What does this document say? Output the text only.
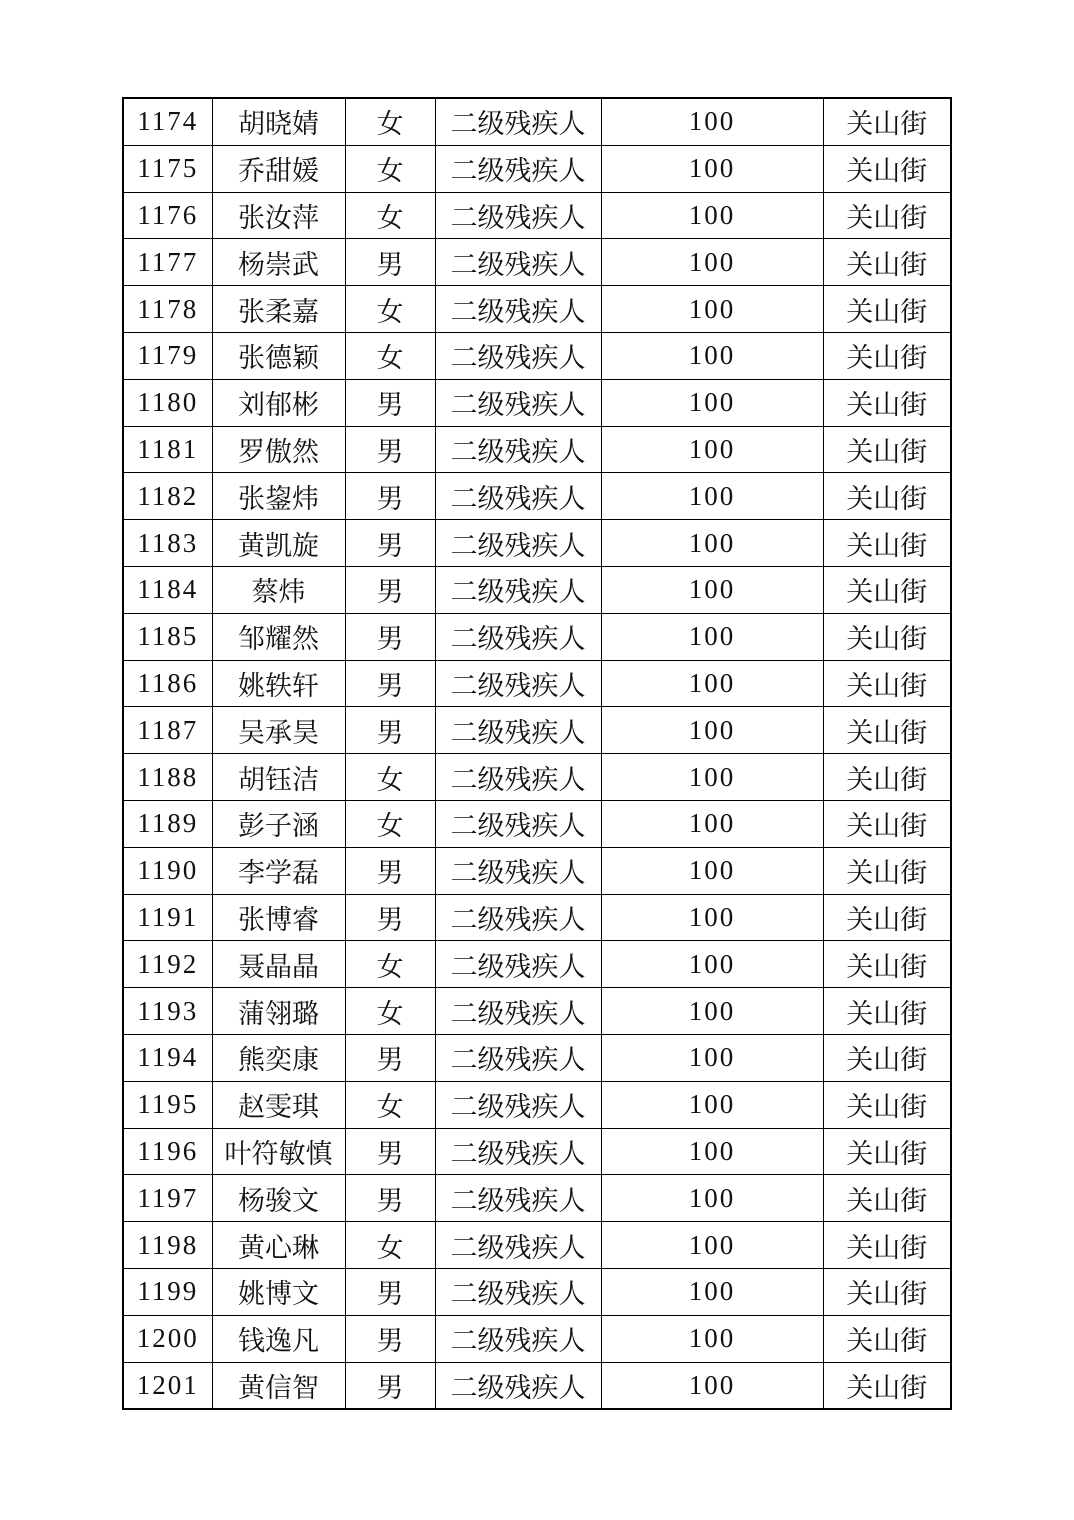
1174	胡晓婧	女	二级残疾人	100	关山街
1175	乔甜媛	女	二级残疾人	100	关山街
1176	张汝萍	女	二级残疾人	100	关山街
1177	杨崇武	男	二级残疾人	100	关山街
1178	张柔嘉	女	二级残疾人	100	关山街
1179	张德颖	女	二级残疾人	100	关山街
1180	刘郁彬	男	二级残疾人	100	关山街
1181	罗傲然	男	二级残疾人	100	关山街
1182	张鋆炜	男	二级残疾人	100	关山街
1183	黄凯旋	男	二级残疾人	100	关山街
1184	蔡炜	男	二级残疾人	100	关山街
1185	邹耀然	男	二级残疾人	100	关山街
1186	姚轶轩	男	二级残疾人	100	关山街
1187	吴承昊	男	二级残疾人	100	关山街
1188	胡钰洁	女	二级残疾人	100	关山街
1189	彭子涵	女	二级残疾人	100	关山街
1190	李学磊	男	二级残疾人	100	关山街
1191	张博睿	男	二级残疾人	100	关山街
1192	聂晶晶	女	二级残疾人	100	关山街
1193	蒲翎璐	女	二级残疾人	100	关山街
1194	熊奕康	男	二级残疾人	100	关山街
1195	赵雯琪	女	二级残疾人	100	关山街
1196	叶符敏慎	男	二级残疾人	100	关山街
1197	杨骏文	男	二级残疾人	100	关山街
1198	黄心琳	女	二级残疾人	100	关山街
1199	姚博文	男	二级残疾人	100	关山街
1200	钱逸凡	男	二级残疾人	100	关山街
1201	黄信智	男	二级残疾人	100	关山街
